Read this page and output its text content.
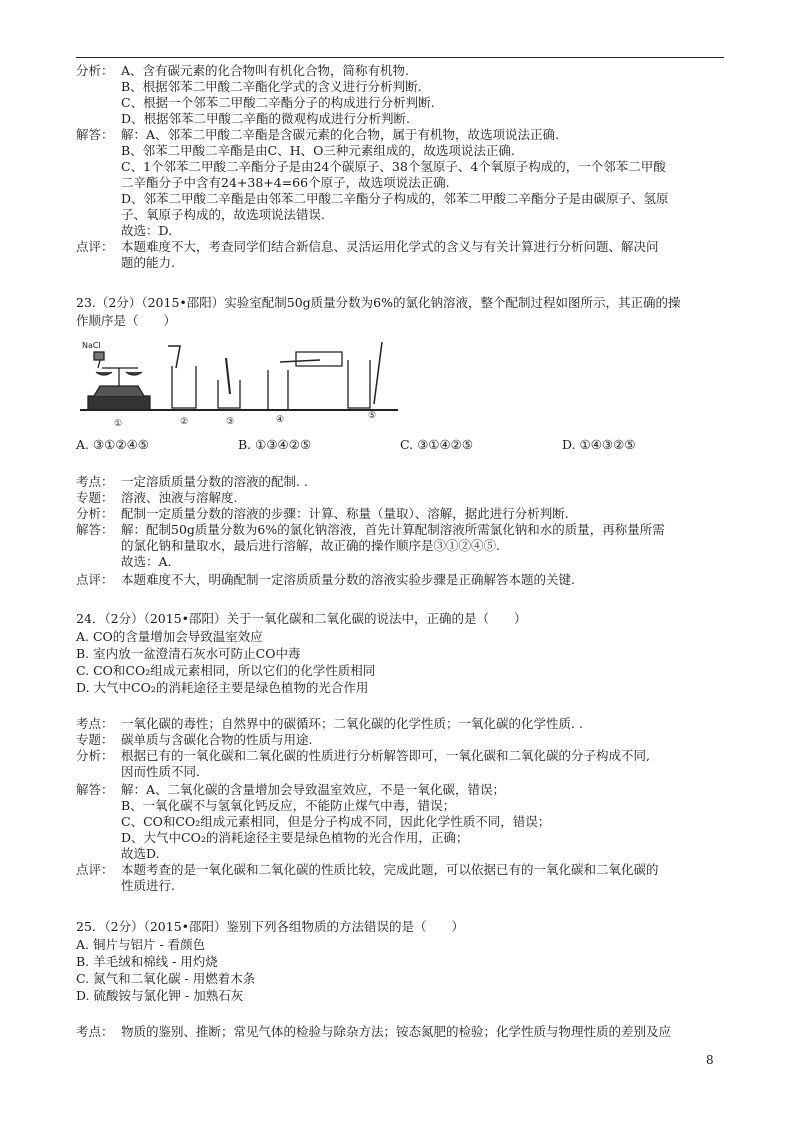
分析： A、含有碳元素的化合物叫有机化合物，简称有机物.
B、根据邻苯二甲酸二辛酯化学式的含义进行分析判断.
C、根据一个邻苯二甲酸二辛酯分子的构成进行分析判断.
D、根据邻苯二甲酸二辛酯的微观构成进行分析判断.
解答： 解：A、邻苯二甲酸二辛酯是含碳元素的化合物，属于有机物，故选项说法正确.
B、邻苯二甲酸二辛酯是由C、H、O三种元素组成的，故选项说法正确.
C、1个邻苯二甲酸二辛酯分子是由24个碳原子、38个氢原子、4个氧原子构成的，一个邻苯二甲酸
二辛酯分子中含有24+38+4=66个原子，故选项说法正确.
D、邻苯二甲酸二辛酯是由邻苯二甲酸二辛酯分子构成的，邻苯二甲酸二辛酯分子是由碳原子、氢原
子、氧原子构成的，故选项说法错误.
故选：D.
点评： 本题难度不大，考查同学们结合新信息、灵活运用化学式的含义与有关计算进行分析问题、解决问
题的能力.
23.（2分）（2015•邵阳）实验室配制50g质量分数为6%的氯化钠溶液，整个配制过程如图所示，其正确的操
作顺序是（　　）
NaCl
①	②	③	④	⑤
A. ③①②④⑤	B. ①③④②⑤	C. ③①④②⑤	D. ①④③②⑤
考点： 一定溶质质量分数的溶液的配制. .
专题： 溶液、浊液与溶解度.
分析： 配制一定质量分数的溶液的步骤：计算、称量（量取）、溶解，据此进行分析判断.
解答： 解：配制50g质量分数为6%的氯化钠溶液，首先计算配制溶液所需氯化钠和水的质量，再称量所需
的氯化钠和量取水，最后进行溶解，故正确的操作顺序是③①②④⑤.
故选：A.
点评： 本题难度不大，明确配制一定溶质质量分数的溶液实验步骤是正确解答本题的关键.
24．（2分）（2015•邵阳）关于一氧化碳和二氧化碳的说法中，正确的是（　　）
A. CO的含量增加会导致温室效应
B. 室内放一盆澄清石灰水可防止CO中毒
C. CO和CO₂组成元素相同，所以它们的化学性质相同
D. 大气中CO₂的消耗途径主要是绿色植物的光合作用
考点： 一氧化碳的毒性；自然界中的碳循环；二氧化碳的化学性质；一氧化碳的化学性质. .
专题： 碳单质与含碳化合物的性质与用途.
分析： 根据已有的一氧化碳和二氧化碳的性质进行分析解答即可，一氧化碳和二氧化碳的分子构成不同,
因而性质不同.
解答： 解：A、二氧化碳的含量增加会导致温室效应，不是一氧化碳，错误；
B、一氧化碳不与氢氧化钙反应，不能防止煤气中毒，错误；
C、CO和CO₂组成元素相同，但是分子构成不同，因此化学性质不同，错误；
D、大气中CO₂的消耗途径主要是绿色植物的光合作用，正确；
故选D.
点评： 本题考查的是一氧化碳和二氧化碳的性质比较，完成此题，可以依据已有的一氧化碳和二氧化碳的
性质进行.
25．（2分）（2015•邵阳）鉴别下列各组物质的方法错误的是（　　）
A. 铜片与铝片 - 看颜色
B. 羊毛绒和棉线 - 用灼烧
C. 氮气和二氧化碳 - 用燃着木条
D. 硫酸铵与氯化钾 - 加熟石灰
考点： 物质的鉴别、推断；常见气体的检验与除杂方法；铵态氮肥的检验；化学性质与物理性质的差别及应
8
